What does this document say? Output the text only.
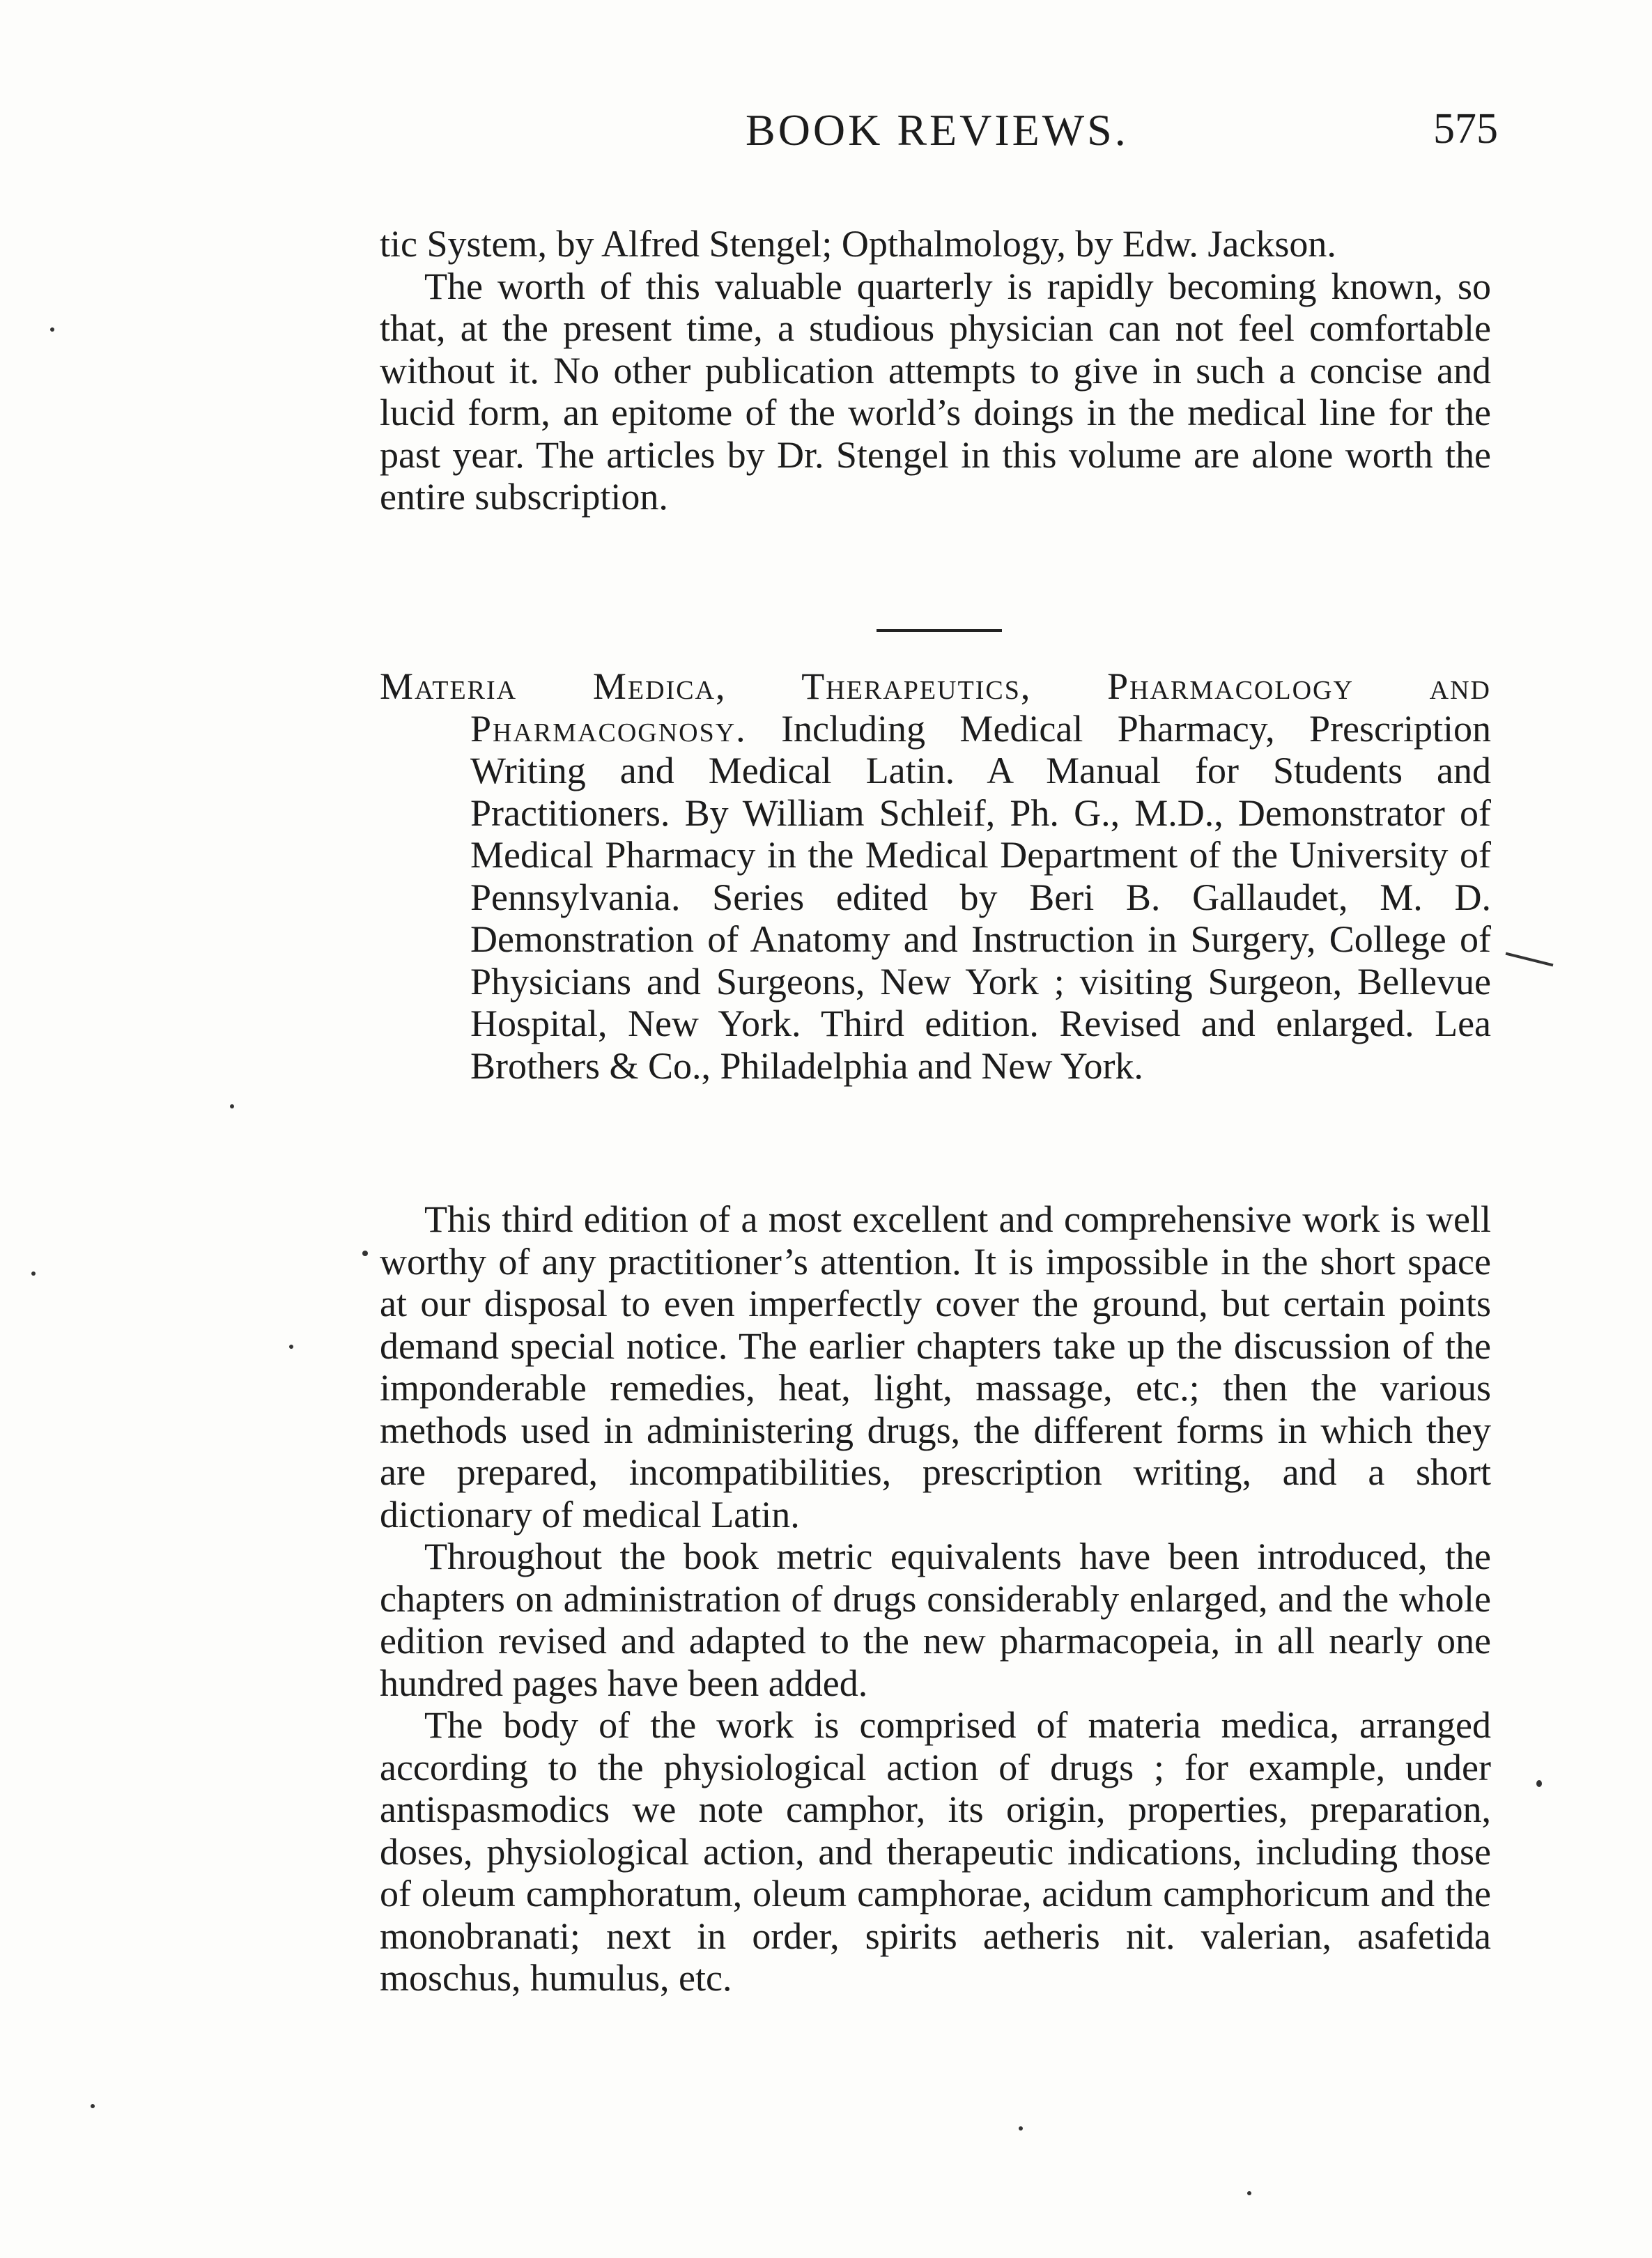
BOOK REVIEWS.	575

tic System, by Alfred Stengel; Opthalmology, by Edw. Jackson.

The worth of this valuable quarterly is rapidly becoming known, so that, at the present time, a studious physician can not feel comfortable without it. No other publication attempts to give in such a concise and lucid form, an epitome of the world’s doings in the medical line for the past year. The articles by Dr. Stengel in this volume are alone worth the entire subscription.

Materia Medica, Therapeutics, Pharmacology and Pharmacognosy. Including Medical Pharmacy, Prescription Writing and Medical Latin. A Manual for Students and Practitioners. By William Schleif, Ph. G., M.D., Demonstrator of Medical Pharmacy in the Medical Department of the University of Pennsylvania. Series edited by Beri B. Gallaudet, M. D. Demonstration of Anatomy and Instruction in Surgery, College of Physicians and Surgeons, New York ; visiting Surgeon, Bellevue Hospital, New York. Third edition. Revised and enlarged. Lea Brothers & Co., Philadelphia and New York.

This third edition of a most excellent and comprehensive work is well worthy of any practitioner’s attention. It is impossible in the short space at our disposal to even imperfectly cover the ground, but certain points demand special notice. The earlier chapters take up the discussion of the imponderable remedies, heat, light, massage, etc.; then the various methods used in administering drugs, the different forms in which they are prepared, incompatibilities, prescription writing, and a short dictionary of medical Latin.

Throughout the book metric equivalents have been introduced, the chapters on administration of drugs considerably enlarged, and the whole edition revised and adapted to the new pharmacopeia, in all nearly one hundred pages have been added.

The body of the work is comprised of materia medica, arranged according to the physiological action of drugs ; for example, under antispasmodics we note camphor, its origin, properties, preparation, doses, physiological action, and therapeutic indications, including those of oleum camphoratum, oleum camphorae, acidum camphoricum and the monobranati; next in order, spirits aetheris nit. valerian, asafetida moschus, humulus, etc.
